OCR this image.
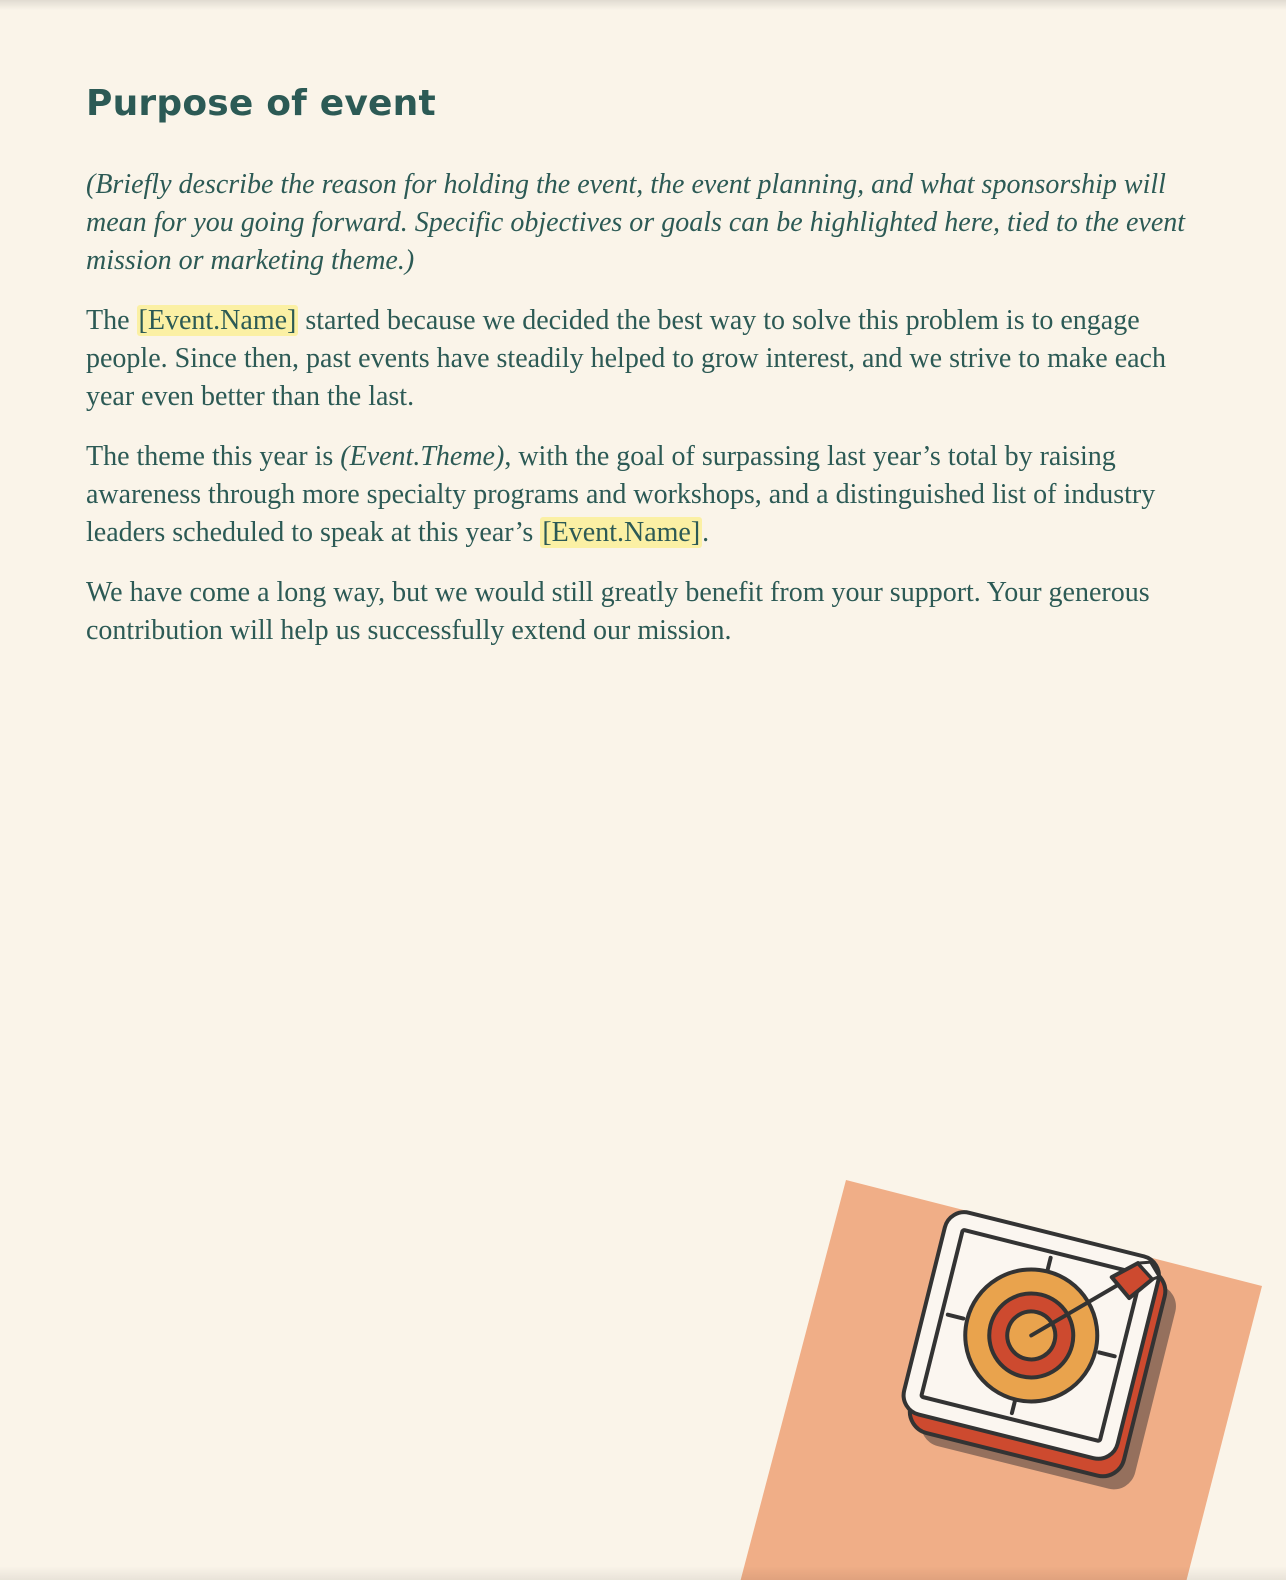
Purpose of event

(Briefly describe the reason for holding the event, the event planning, and what sponsorship will mean for you going forward. Specific objectives or goals can be highlighted here, tied to the event mission or marketing theme.)

The [Event.Name] started because we decided the best way to solve this problem is to engage people. Since then, past events have steadily helped to grow interest, and we strive to make each year even better than the last.

The theme this year is (Event.Theme), with the goal of surpassing last year’s total by raising awareness through more specialty programs and workshops, and a distinguished list of industry leaders scheduled to speak at this year’s [Event.Name].

We have come a long way, but we would still greatly benefit from your support. Your generous contribution will help us successfully extend our mission.
